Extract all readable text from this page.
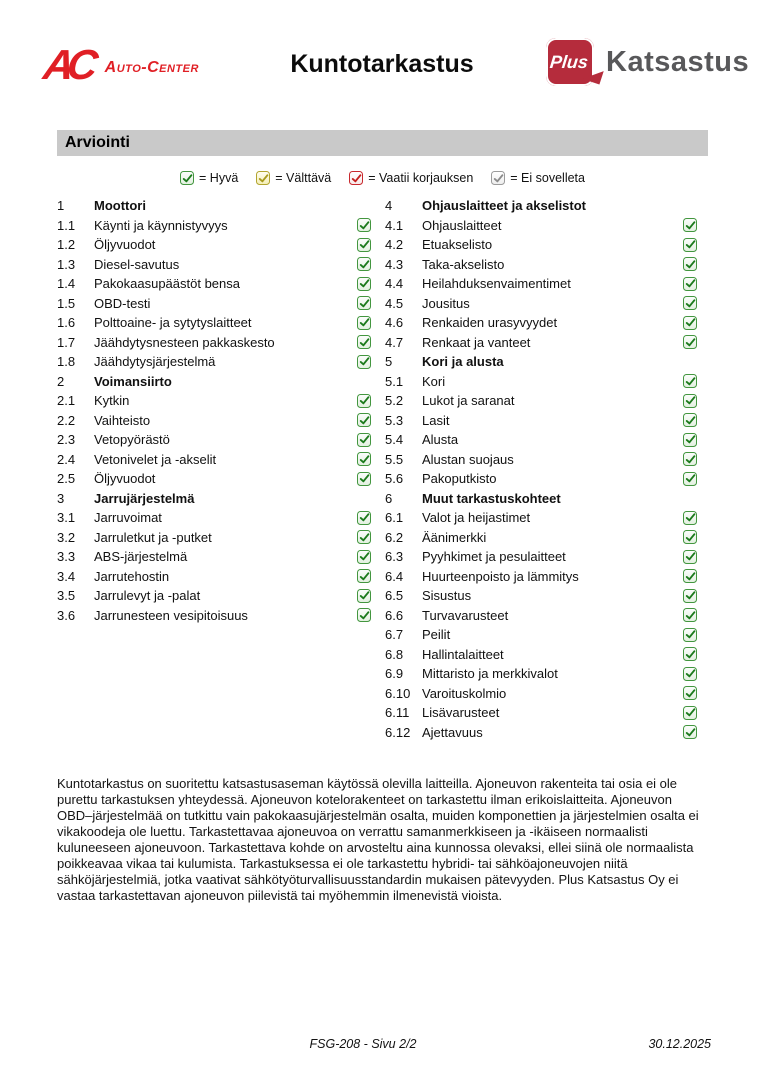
AC Auto-Center	Kuntotarkastus	Plus Katsastus
Arviointi
= Hyvä	= Välttävä	= Vaatii korjauksen	= Ei sovelleta
1	Moottori
1.1	Käynti ja käynnistyvyys
1.2	Öljyvuodot
1.3	Diesel-savutus
1.4	Pakokaasupäästöt bensa
1.5	OBD-testi
1.6	Polttoaine- ja sytytyslaitteet
1.7	Jäähdytysnesteen pakkaskesto
1.8	Jäähdytysjärjestelmä
2	Voimansiirto
2.1	Kytkin
2.2	Vaihteisto
2.3	Vetopyörästö
2.4	Vetonivelet ja -akselit
2.5	Öljyvuodot
3	Jarrujärjestelmä
3.1	Jarruvoimat
3.2	Jarruletkut ja -putket
3.3	ABS-järjestelmä
3.4	Jarrutehostin
3.5	Jarrulevyt ja -palat
3.6	Jarrunesteen vesipitoisuus
4	Ohjauslaitteet ja akselistot
4.1	Ohjauslaitteet
4.2	Etuakselisto
4.3	Taka-akselisto
4.4	Heilahduksenvaimentimet
4.5	Jousitus
4.6	Renkaiden urasyvyydet
4.7	Renkaat ja vanteet
5	Kori ja alusta
5.1	Kori
5.2	Lukot ja saranat
5.3	Lasit
5.4	Alusta
5.5	Alustan suojaus
5.6	Pakoputkisto
6	Muut tarkastuskohteet
6.1	Valot ja heijastimet
6.2	Äänimerkki
6.3	Pyyhkimet ja pesulaitteet
6.4	Huurteenpoisto ja lämmitys
6.5	Sisustus
6.6	Turvavarusteet
6.7	Peilit
6.8	Hallintalaitteet
6.9	Mittaristo ja merkkivalot
6.10 Varoituskolmio
6.11 Lisävarusteet
6.12 Ajettavuus
Kuntotarkastus on suoritettu katsastusaseman käytössä olevilla laitteilla. Ajoneuvon rakenteita tai osia ei ole purettu tarkastuksen yhteydessä. Ajoneuvon kotelorakenteet on tarkastettu ilman erikoislaitteita. Ajoneuvon OBD–järjestelmää on tutkittu vain pakokaasujärjestelmän osalta, muiden komponettien ja järjestelmien osalta ei vikakoodeja ole luettu. Tarkastettavaa ajoneuvoa on verrattu samanmerkkiseen ja -ikäiseen normaalisti kuluneeseen ajoneuvoon. Tarkastettava kohde on arvosteltu aina kunnossa olevaksi, ellei siinä ole normaalista poikkeavaa vikaa tai kulumista. Tarkastuksessa ei ole tarkastettu hybridi- tai sähköajoneuvojen niitä sähköjärjestelmiä, jotka vaativat sähkötyöturvallisuusstandardin mukaisen pätevyyden. Plus Katsastus Oy ei vastaa tarkastettavan ajoneuvon piilevistä tai myöhemmin ilmenevistä vioista.
FSG-208 - Sivu 2/2	30.12.2025
